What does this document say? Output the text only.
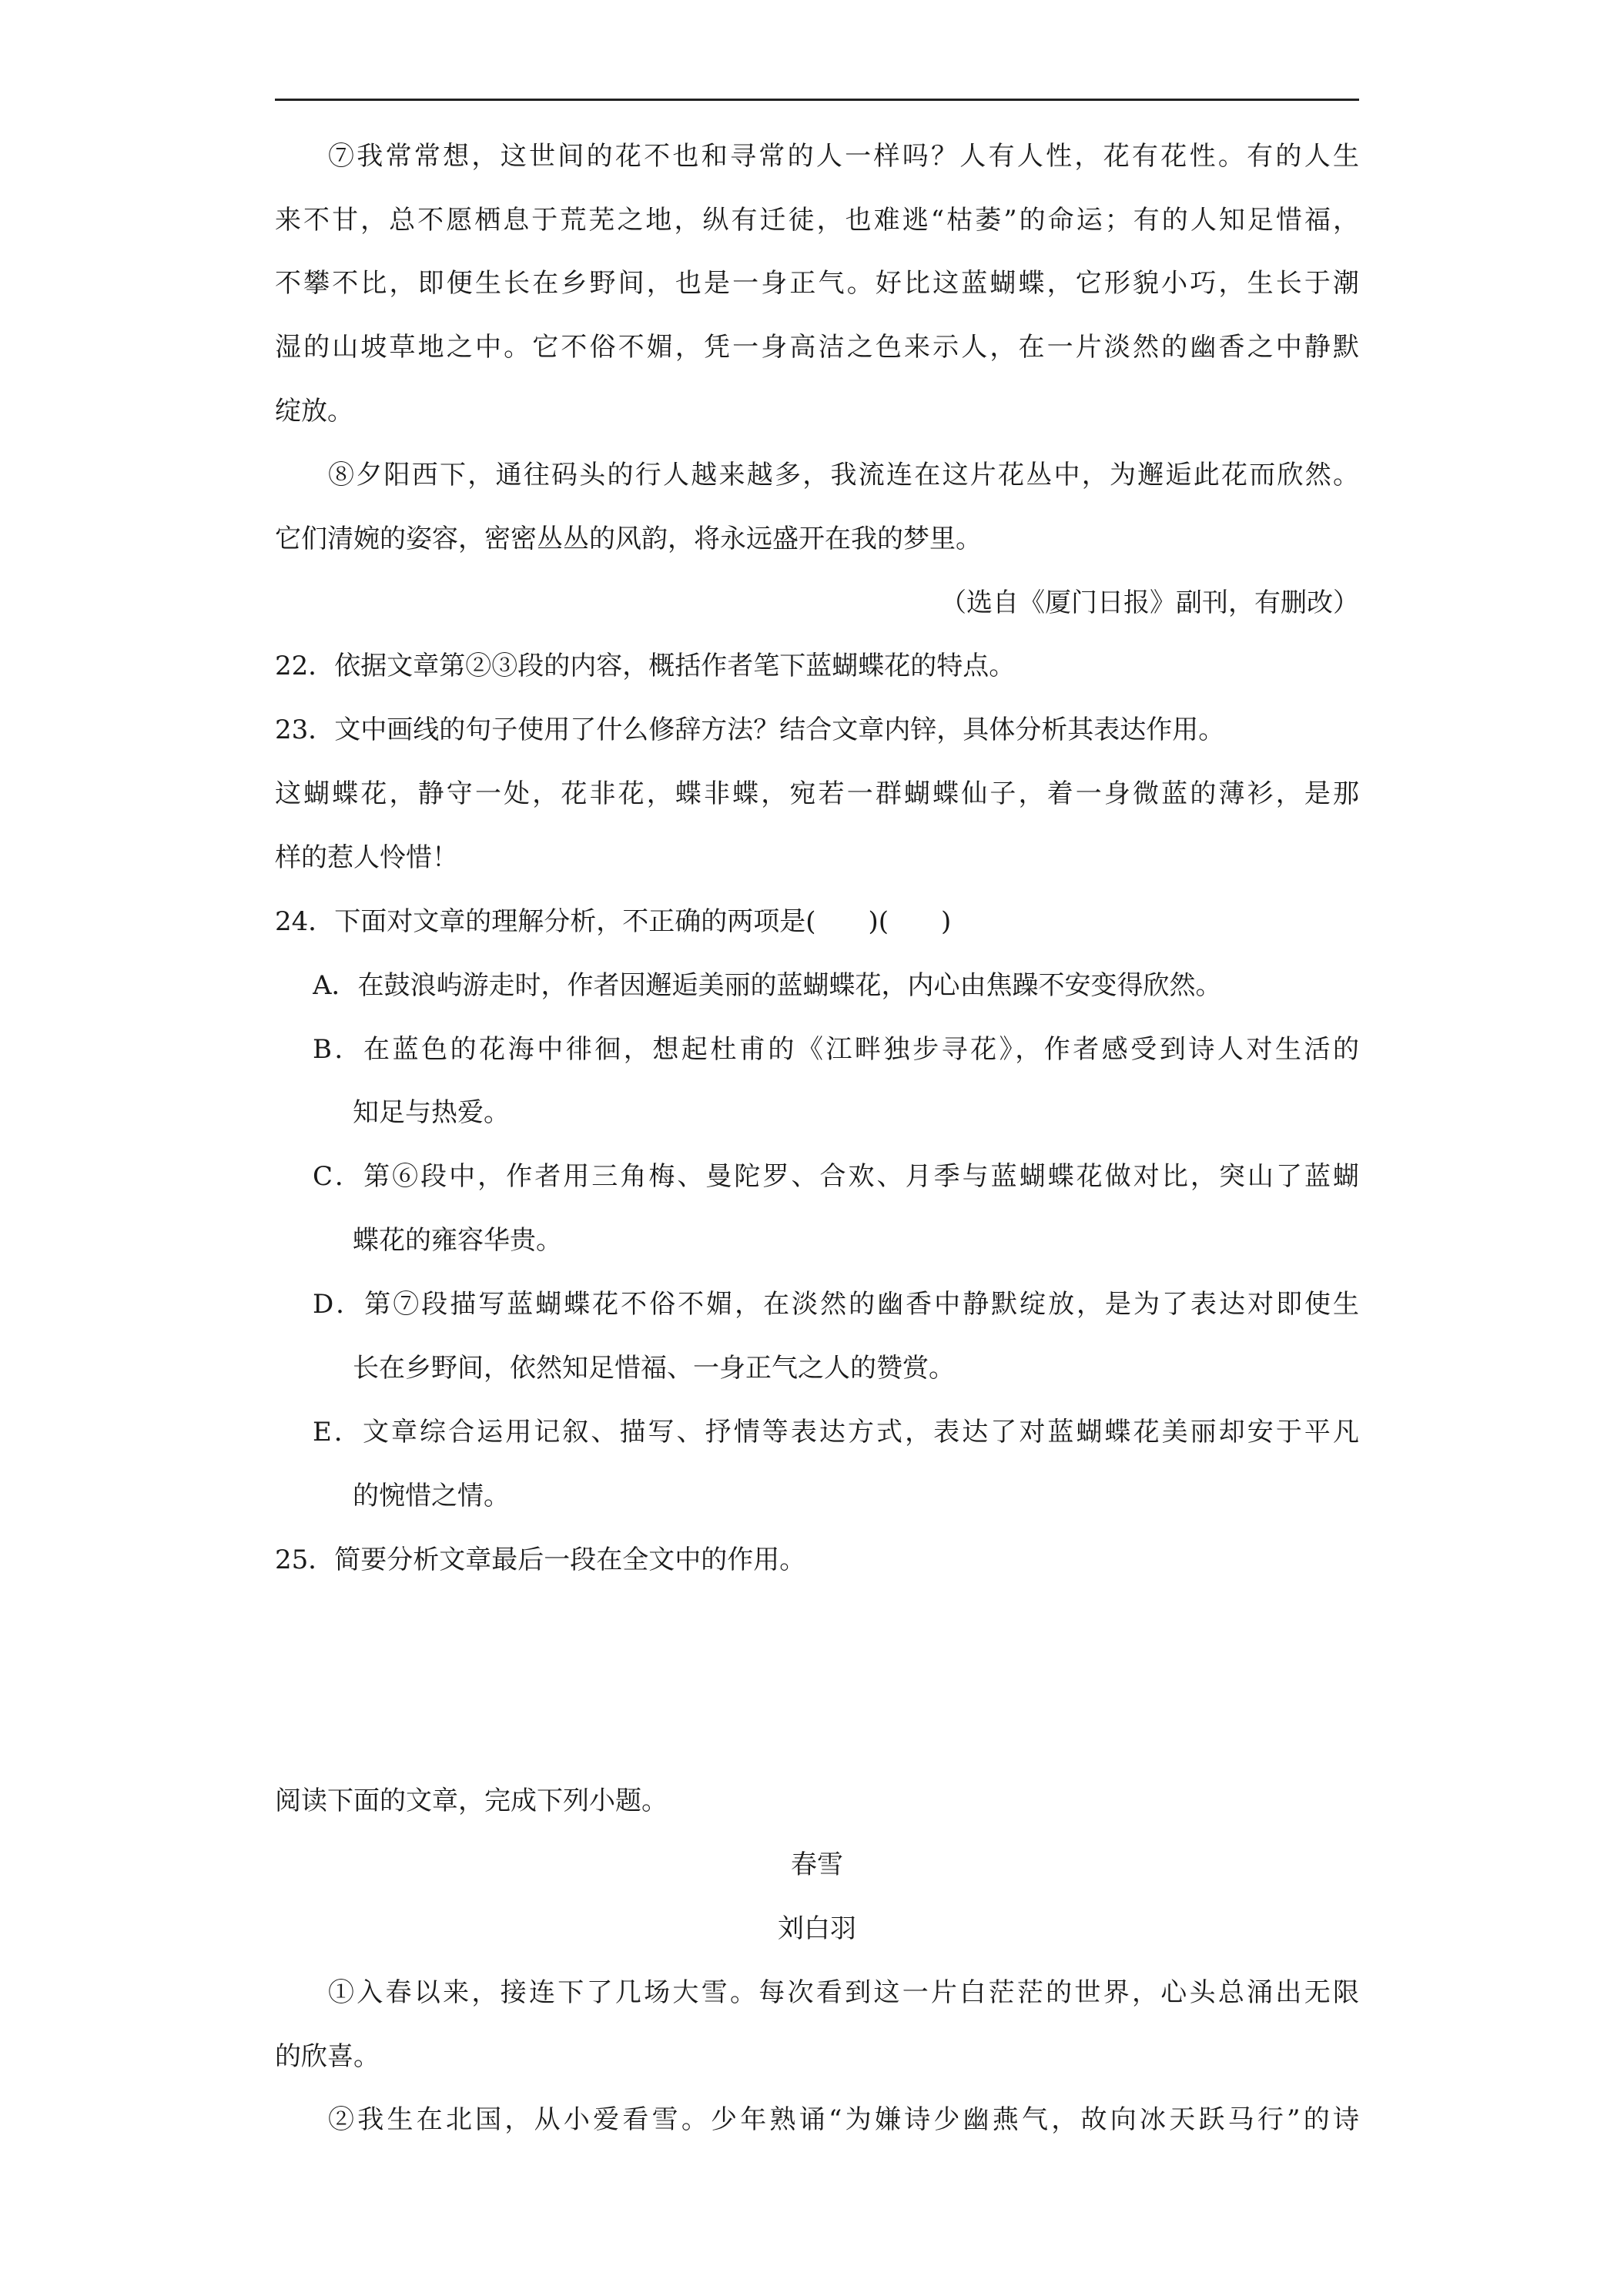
⑦我常常想，这世间的花不也和寻常的人一样吗？人有人性，花有花性。有的人生
来不甘，总不愿栖息于荒芜之地，纵有迁徒，也难逃“枯萎”的命运；有的人知足惜福，
不攀不比，即便生长在乡野间，也是一身正气。好比这蓝蝴蝶，它形貌小巧，生长于潮
湿的山坡草地之中。它不俗不媚，凭一身高洁之色来示人，在一片淡然的幽香之中静默
绽放。
⑧夕阳西下，通往码头的行人越来越多，我流连在这片花丛中，为邂逅此花而欣然。
它们清婉的姿容，密密丛丛的风韵，将永远盛开在我的梦里。
（选自《厦门日报》副刊，有删改）
22．依据文章第②③段的内容，概括作者笔下蓝蝴蝶花的特点。
23．文中画线的句子使用了什么修辞方法？结合文章内锌，具体分析其表达作用。
这蝴蝶花，静守一处，花非花，蝶非蝶，宛若一群蝴蝶仙子，着一身微蓝的薄衫，是那
样的惹人怜惜！
24．下面对文章的理解分析，不正确的两项是(　　)(　　)
A．在鼓浪屿游走时，作者因邂逅美丽的蓝蝴蝶花，内心由焦躁不安变得欣然。
B．在蓝色的花海中徘徊，想起杜甫的《江畔独步寻花》，作者感受到诗人对生活的
知足与热爱。
C．第⑥段中，作者用三角梅、曼陀罗、合欢、月季与蓝蝴蝶花做对比，突山了蓝蝴
蝶花的雍容华贵。
D．第⑦段描写蓝蝴蝶花不俗不媚，在淡然的幽香中静默绽放，是为了表达对即使生
长在乡野间，依然知足惜福、一身正气之人的赞赏。
E．文章综合运用记叙、描写、抒情等表达方式，表达了对蓝蝴蝶花美丽却安于平凡
的惋惜之情。
25．简要分析文章最后一段在全文中的作用。
阅读下面的文章，完成下列小题。
春雪
刘白羽
①入春以来，接连下了几场大雪。每次看到这一片白茫茫的世界，心头总涌出无限
的欣喜。
②我生在北国，从小爱看雪。少年熟诵“为嫌诗少幽燕气，故向冰天跃马行”的诗
